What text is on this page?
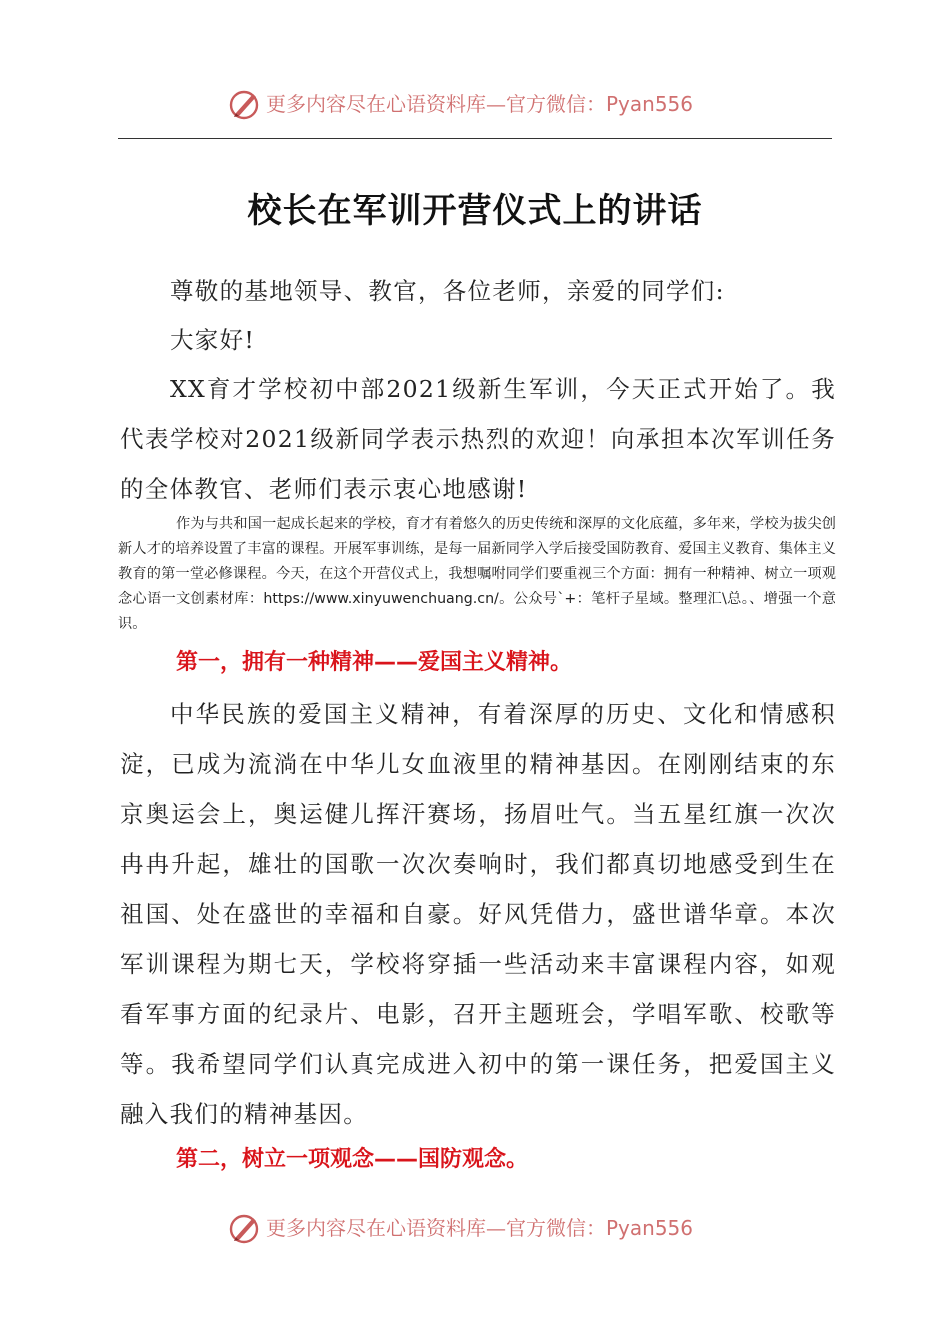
更多内容尽在心语资料库—官方微信：Pyan556
校长在军训开营仪式上的讲话

尊敬的基地领导、教官，各位老师，亲爱的同学们:

大家好!

XX育才学校初中部2021级新生军训，今天正式开始了。我代表学校对2021级新同学表示热烈的欢迎！向承担本次军训任务的全体教官、老师们表示衷心地感谢!

作为与共和国一起成长起来的学校，育才有着悠久的历史传统和深厚的文化底蕴，多年来，学校为拔尖创新人才的培养设置了丰富的课程。开展军事训练，是每一届新同学入学后接受国防教育、爱国主义教育、集体主义教育的第一堂必修课程。今天，在这个开营仪式上，我想嘱咐同学们要重视三个方面：拥有一种精神、树立一项观念心语一文创素材库：https://www.xinyuwenchuang.cn/。公众号`+：笔杆子星域。整理汇\总。、增强一个意识。

第一，拥有一种精神——爱国主义精神。

中华民族的爱国主义精神，有着深厚的历史、文化和情感积淀，已成为流淌在中华儿女血液里的精神基因。在刚刚结束的东京奥运会上，奥运健儿挥汗赛场，扬眉吐气。当五星红旗一次次冉冉升起，雄壮的国歌一次次奏响时，我们都真切地感受到生在祖国、处在盛世的幸福和自豪。好风凭借力，盛世谱华章。本次军训课程为期七天，学校将穿插一些活动来丰富课程内容，如观看军事方面的纪录片、电影，召开主题班会，学唱军歌、校歌等等。我希望同学们认真完成进入初中的第一课任务，把爱国主义融入我们的精神基因。

第二，树立一项观念——国防观念。
更多内容尽在心语资料库—官方微信：Pyan556
